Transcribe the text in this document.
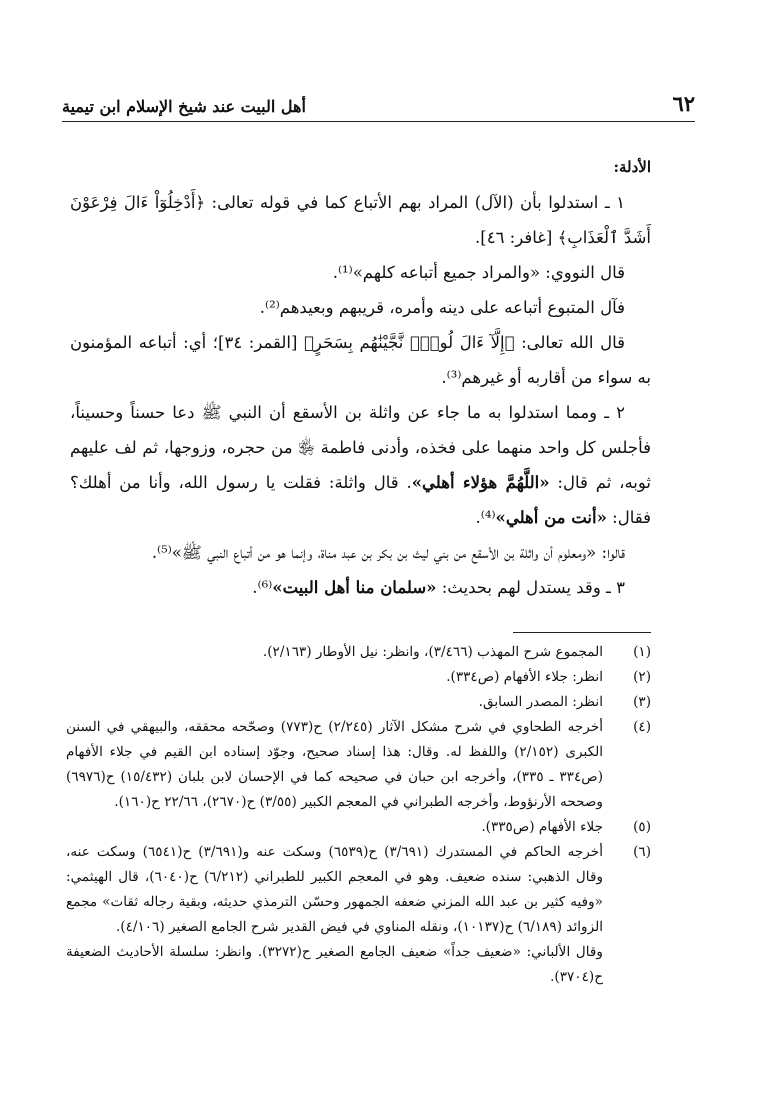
٦٢
أهل البيت عند شيخ الإسلام ابن تيمية

الأدلة:

١ ـ استدلوا بأن (الآل) المراد بهم الأتباع كما في قوله تعالى: ﴿أَدْخِلُوٓاْ ءَالَ فِرْعَوْنَ أَشَدَّ ٱلْعَذَابِ﴾ [غافر: ٤٦].

قال النووي: «والمراد جميع أتباعه كلهم»⁽¹⁾.

فآل المتبوع أتباعه على دينه وأمره، قريبهم وبعيدهم⁽²⁾.

قال الله تعالى: ﴿إِلَّآ ءَالَ لُوطٍۖ نَّجَّيْنَٰهُم بِسَحَرٍ﴾ [القمر: ٣٤]؛ أي: أتباعه المؤمنون به سواء من أقاربه أو غيرهم⁽³⁾.

٢ ـ ومما استدلوا به ما جاء عن واثلة بن الأسقع أن النبي ﷺ دعا حسناً وحسيناً، فأجلس كل واحد منهما على فخذه، وأدنى فاطمة ﵂ من حجره، وزوجها، ثم لف عليهم ثوبه، ثم قال: «اللَّهُمَّ هؤلاء أهلي». قال واثلة: فقلت يا رسول الله، وأنا من أهلك؟ فقال: «أنت من أهلي»⁽⁴⁾.

قالوا: «ومعلوم أن واثلة بن الأسقع من بني ليث بن بكر بن عبد مناة، وإنما هو من أتباع النبي ﷺ»⁽⁵⁾.

٣ ـ وقد يستدل لهم بحديث: «سلمان منا أهل البيت»⁽⁶⁾.

(١)
المجموع شرح المهذب (٣/٤٦٦)، وانظر: نيل الأوطار (٢/١٦٣).
(٢)
انظر: جلاء الأفهام (ص٣٣٤).
(٣)
انظر: المصدر السابق.
(٤)
أخرجه الطحاوي في شرح مشكل الآثار (٢/٢٤٥) ح(٧٧٣) وصحّحه محققه، والبيهقي في السنن الكبرى (٢/١٥٢) واللفظ له. وقال: هذا إسناد صحيح، وجوّد إسناده ابن القيم في جلاء الأفهام (ص٣٣٤ ـ ٣٣٥)، وأخرجه ابن حبان في صحيحه كما في الإحسان لابن بلبان (١٥/٤٣٢) ح(٦٩٧٦) وصححه الأرنؤوط، وأخرجه الطبراني في المعجم الكبير (٣/٥٥) ح(٢٦٧٠)، ٢٢/٦٦ ح(١٦٠).
(٥)
جلاء الأفهام (ص٣٣٥).
(٦)
أخرجه الحاكم في المستدرك (٣/٦٩١) ح(٦٥٣٩) وسكت عنه و(٣/٦٩١) ح(٦٥٤١) وسكت عنه، وقال الذهبي: سنده ضعيف. وهو في المعجم الكبير للطبراني (٦/٢١٢) ح(٦٠٤٠)، قال الهيثمي: «وفيه كثير بن عبد الله المزني ضعفه الجمهور وحسّن الترمذي حديثه، وبقية رجاله ثقات» مجمع الزوائد (٦/١٨٩) ح(١٠١٣٧)، ونقله المناوي في فيض القدير شرح الجامع الصغير (٤/١٠٦).
وقال الألباني: «ضعيف جداً» ضعيف الجامع الصغير ح(٣٢٧٢). وانظر: سلسلة الأحاديث الضعيفة ح(٣٧٠٤).
